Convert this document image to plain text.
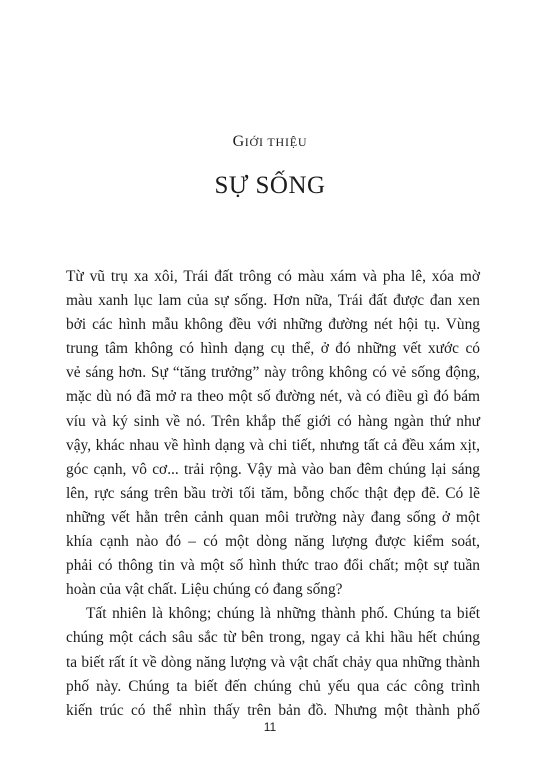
GIỚI THIỆU
SỰ SỐNG
Từ vũ trụ xa xôi, Trái đất trông có màu xám và pha lê, xóa mờ
màu xanh lục lam của sự sống. Hơn nữa, Trái đất được đan xen
bởi các hình mẫu không đều với những đường nét hội tụ. Vùng
trung tâm không có hình dạng cụ thể, ở đó những vết xước có
vẻ sáng hơn. Sự “tăng trưởng” này trông không có vẻ sống động,
mặc dù nó đã mở ra theo một số đường nét, và có điều gì đó bám
víu và ký sinh về nó. Trên khắp thế giới có hàng ngàn thứ như
vậy, khác nhau về hình dạng và chi tiết, nhưng tất cả đều xám xịt,
góc cạnh, vô cơ... trải rộng. Vậy mà vào ban đêm chúng lại sáng
lên, rực sáng trên bầu trời tối tăm, bỗng chốc thật đẹp đẽ. Có lẽ
những vết hằn trên cảnh quan môi trường này đang sống ở một
khía cạnh nào đó – có một dòng năng lượng được kiểm soát,
phải có thông tin và một số hình thức trao đổi chất; một sự tuần
hoàn của vật chất. Liệu chúng có đang sống?
Tất nhiên là không; chúng là những thành phố. Chúng ta biết
chúng một cách sâu sắc từ bên trong, ngay cả khi hầu hết chúng
ta biết rất ít về dòng năng lượng và vật chất chảy qua những thành
phố này. Chúng ta biết đến chúng chủ yếu qua các công trình
kiến trúc có thể nhìn thấy trên bản đồ. Nhưng một thành phố
11
